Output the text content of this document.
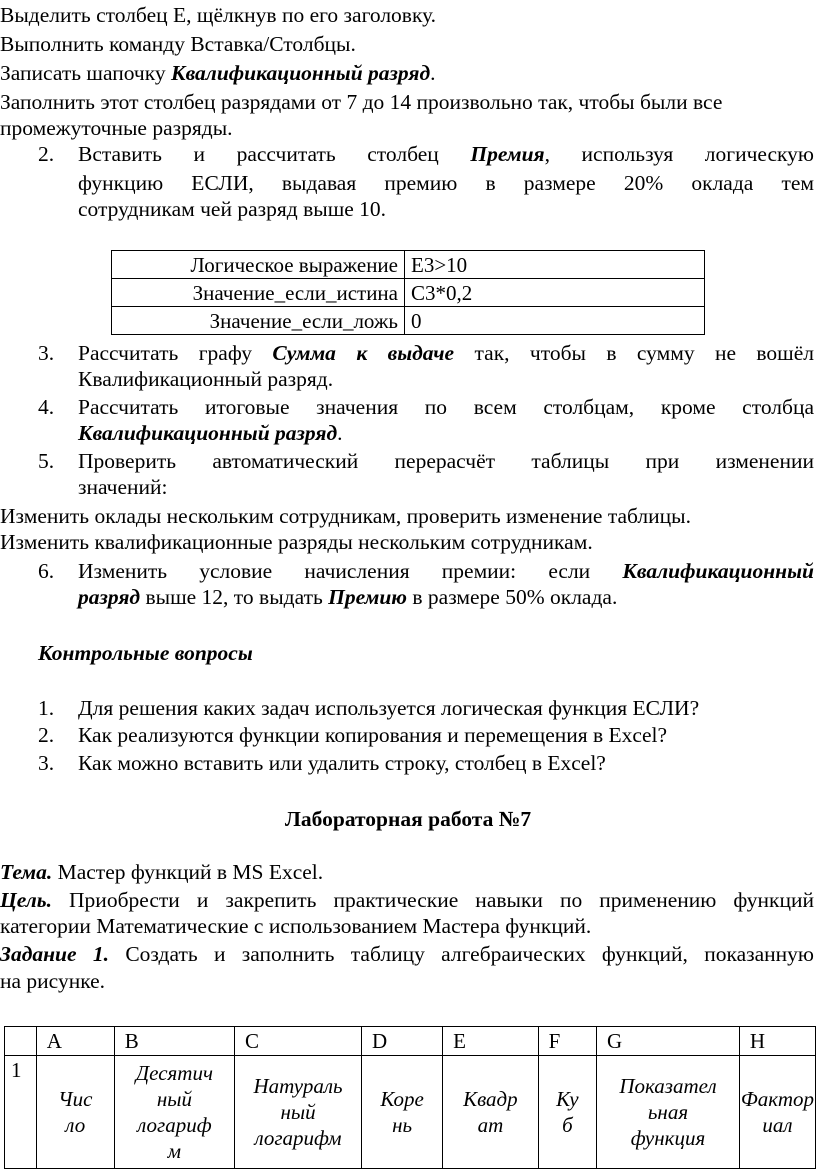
Выделить столбец Е, щёлкнув по его заголовку.
Выполнить команду Вставка/Столбцы.
Записать шапочку Квалификационный разряд.
Заполнить этот столбец разрядами от 7 до 14 произвольно так, чтобы были все
промежуточные разряды.
2. Вставить и рассчитать столбец Премия, используя логическую
функцию ЕСЛИ, выдавая премию в размере 20% оклада тем
сотрудникам чей разряд выше 10.
Логическое выражение	E3>10
Значение_если_истина	C3*0,2
Значение_если_ложь	0
3. Рассчитать графу Сумма к выдаче так, чтобы в сумму не вошёл
Квалификационный разряд.
4. Рассчитать итоговые значения по всем столбцам, кроме столбца
Квалификационный разряд.
5. Проверить автоматический перерасчёт таблицы при изменении
значений:
Изменить оклады нескольким сотрудникам, проверить изменение таблицы.
Изменить квалификационные разряды нескольким сотрудникам.
6. Изменить условие начисления премии: если Квалификационный
разряд выше 12, то выдать Премию в размере 50% оклада.
Контрольные вопросы
1. Для решения каких задач используется логическая функция ЕСЛИ?
2. Как реализуются функции копирования и перемещения в Excel?
3. Как можно вставить или удалить строку, столбец в Excel?
Лабораторная работа №7
Тема. Мастер функций в MS Excel.
Цель. Приобрести и закрепить практические навыки по применению функций
категории Математические с использованием Мастера функций.
Задание 1. Создать и заполнить таблицу алгебраических функций, показанную
на рисунке.
	A	B	C	D	E	F	G	H
1	Чис
ло	Десятич
ный
логариф
м	Натураль
ный
логарифм	Коре
нь	Квадр
ат	Ку
б	Показател
ьная
функция	Фактор
иал
